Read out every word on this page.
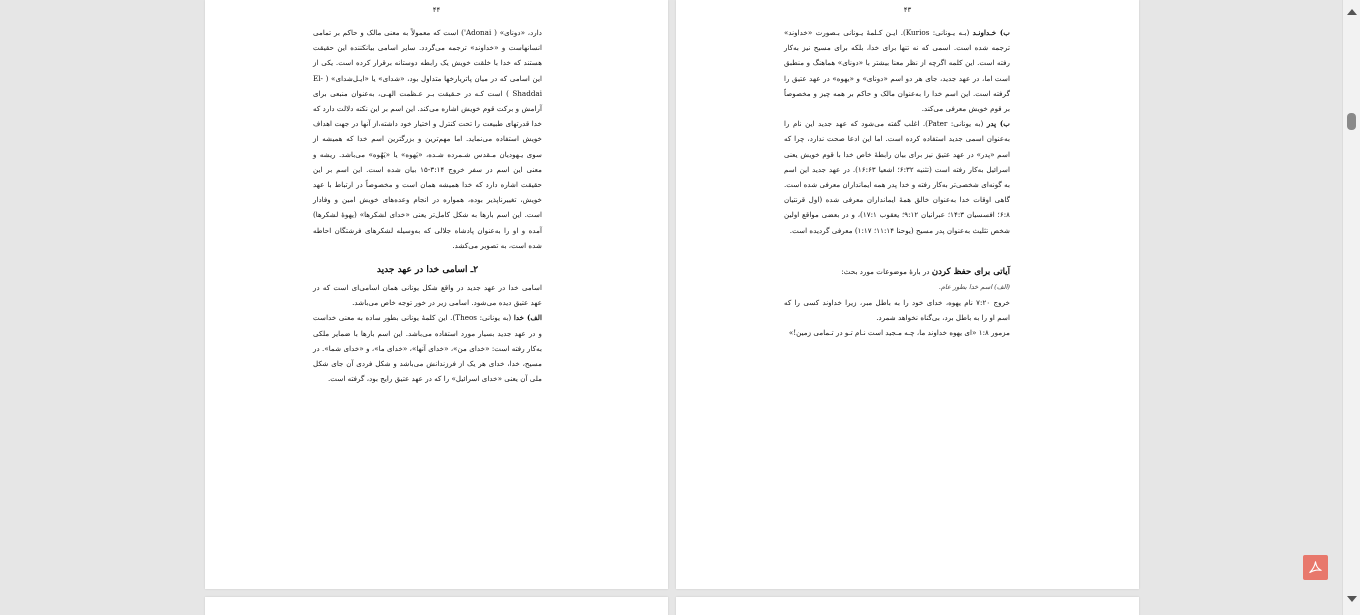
۴۴

دارد، «دونای» ( Adonai') است که معمولاً به معنی مالک و حاکم بر تمامی انسانهاست و «خداوند» ترجمه می‌گردد. سایر اسامی بیانکننده این حقیقت هستند که خدا با خلقت خویش یک رابطه دوستانه برقرار کرده است. یکی از این اسامی که در میان پاتریارخها متداول بود، «شدای» یا «ایـل‌شدای» ( El- Shaddai ) است کـه در حـقیقت بـر عـظمت الهـی، به‌عنوان منبعی برای آرامش و برکت قوم خویش اشاره می‌کند. این اسم بر این نکته دلالت دارد که خدا قدرتهای طبیعت را تحت کنترل و اختیار خود داشته،از آنها در جهت اهداف خویش استفاده می‌نماید. اما مهم‌ترین و بزرگترین اسم خدا که همیشه از سوی یـهودیان مـقدس شـمرده شـده، «یَهوه» یا «یَهُوه» می‌باشد. ریشه و معنی این اسم در سفر خروج ۳:۱۴-۱۵ بیان شده است. این اسم بر این حقیقت اشاره دارد که خدا همیشه همان است و مخصوصاً در ارتباط با عهد خویش، تغییرناپذیر بوده، همواره در انجام وعده‌های خویش امین و وفادار است. این اسم بارها به شکل کامل‌تر یعنی «خدای لشکرها» (یهوهٔ لشکرها) آمده و او را به‌عنوان پادشاه جلالی که به‌وسیله لشکرهای فرشتگان احاطه شده است، به تصویر می‌کشد.

۲ـ اسامی خدا در عهد جدید

اسامی خدا در عهد جدید در واقع شکل یونانی همان اسامی‌ای است که در عهد عتیق دیده می‌شود. اسامی زیر در خور توجه خاص می‌باشد.

الف) خدا (به یونانی: Theos). این کلمهٔ یونانی بطور ساده به معنی خداست و در عهد جدید بسیار مورد استفاده می‌باشد. این اسم بارها با ضمایر ملکی به‌کار رفته است: «خدای من»، «خدای آنها»، «خدای ما»، و «خدای شما». در مسیح، خدا، خدای هر یک از فرزندانش می‌باشد و شکل فردی آن جای شکل ملی آن یعنی «خدای اسرائیل» را که در عهد عتیق رایج بود، گرفته است.

۴۳

ب) خـداونـد (بـه یـونانی: Kurios). ایـن کـلمهٔ یـونانی بـصورت «خداوند» ترجمه شده است. اسمی که نه تنها برای خدا، بلکه برای مسیح نیز به‌کار رفته است. این کلمه اگرچه از نظر معنا بیشتر با «دونای» هماهنگ و منطبق است اما، در عهد جدید، جای هر دو اسم «دونای» و «یهوه» در عهد عتیق را گرفته است. این اسم خدا را به‌عنوان مالک و حاکم بر همه چیز و مخصوصاً بر قوم خویش معرفی می‌کند.

ب) پدر (به یونانی: Pater). اغلب گفته می‌شود که عهد جدید این نام را به‌عنوان اسمی جدید استفاده کرده است. اما این ادعا صحت ندارد، چرا که اسم «پدر» در عهد عتیق نیز برای بیان رابطهٔ خاص خدا با قوم خویش یعنی اسرائیل به‌کار رفته است (تثنیه ۶:۳۲؛ اشعیا ۱۶:۶۳). در عهد جدید این اسم به گونه‌ای شخصی‌تر به‌کار رفته و خدا پدر همه ایمانداران معرفی شده است. گاهی اوقات خدا به‌عنوان خالق همهٔ ایمانداران معرفی شده (اول قرنتیان ۶:۸؛ افسسیان ۱۴:۳؛ عبرانیان ۹:۱۲؛ یعقوب ۱۷:۱)، و در بعضی مواقع اولین شخص تثلیث به‌عنوان پدر مسیح (یوحنا ۱۱:۱۴؛ ۱:۱۷) معرفی گردیده است.

آیاتی برای حفظ کردن در بارهٔ موضوعات مورد بحث:

(الف) اسم خدا بطور عام.

خروج ۷:۲۰ نام یهوه، خدای خود را به باطل مبر، زیرا خداوند کسی را که اسم او را به باطل برد، بی‌گناه نخواهد شمرد.

مزمور ۱:۸ «ای یهوه خداوند ما، چـه مـجید است نـام تـو در تـمامی زمین!»
